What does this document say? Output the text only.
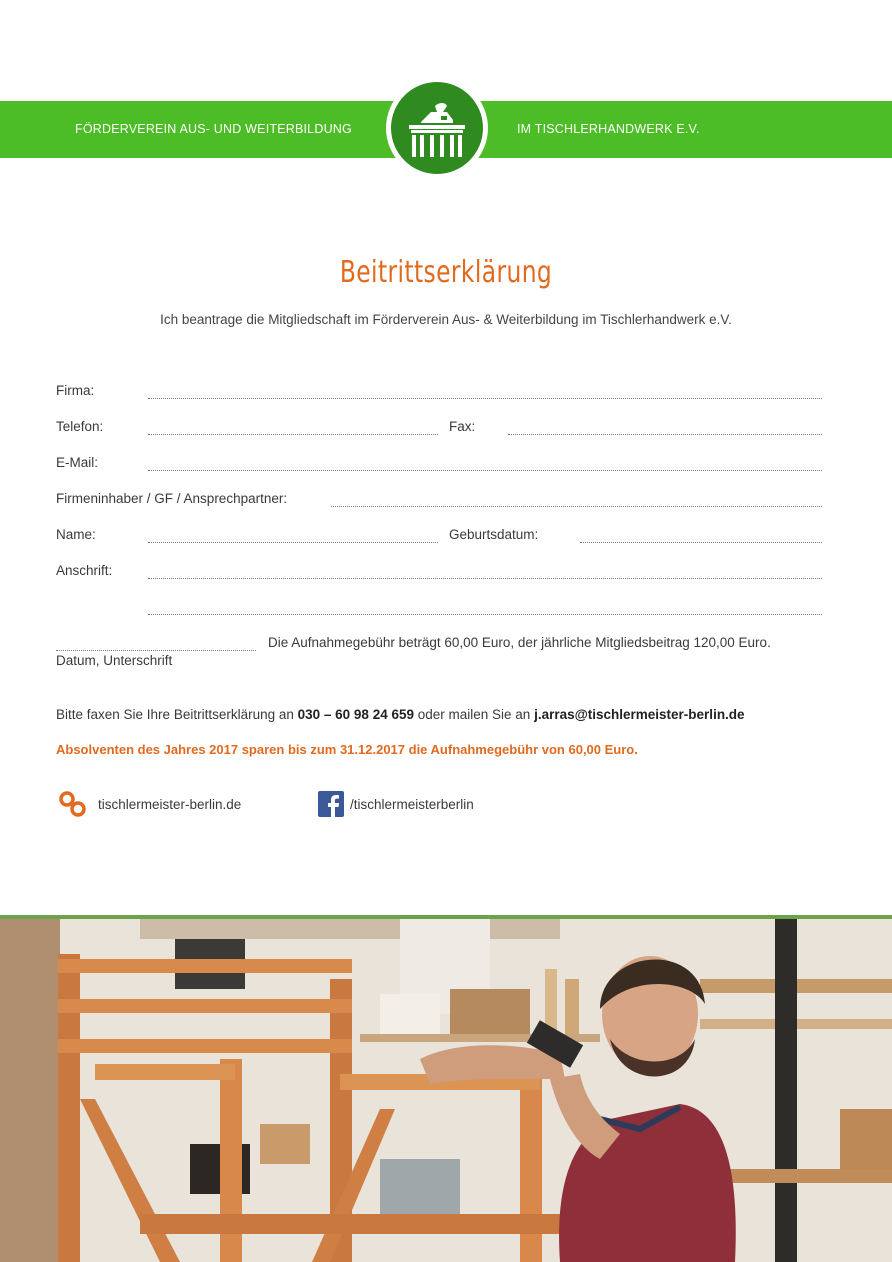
FÖRDERVEREIN AUS- UND WEITERBILDUNG	IM TISCHLERHANDWERK E.V.
Beitrittserklärung
Ich beantrage die Mitgliedschaft im Förderverein Aus- & Weiterbildung im Tischlerhandwerk e.V.
Firma:
Telefon:	Fax:
E-Mail:
Firmeninhaber / GF / Ansprechpartner:
Name:	Geburtsdatum:
Anschrift:
Datum, Unterschrift
Die Aufnahmegebühr beträgt 60,00 Euro, der jährliche Mitgliedsbeitrag 120,00 Euro.
Bitte faxen Sie Ihre Beitrittserklärung an 030 – 60 98 24 659 oder mailen Sie an j.arras@tischlermeister-berlin.de
Absolventen des Jahres 2017 sparen bis zum 31.12.2017 die Aufnahmegebühr von 60,00 Euro.
tischlermeister-berlin.de	/tischlermeisterberlin
